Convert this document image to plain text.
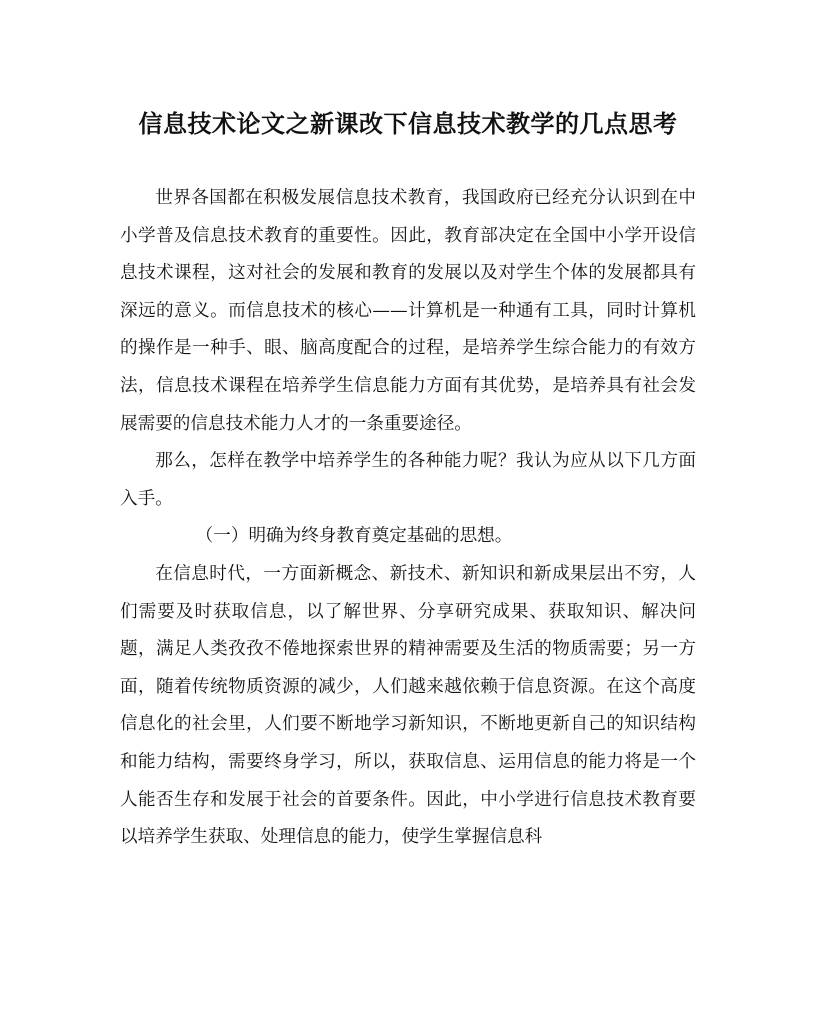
信息技术论文之新课改下信息技术教学的几点思考

世界各国都在积极发展信息技术教育，我国政府已经充分认识到在中小学普及信息技术教育的重要性。因此，教育部决定在全国中小学开设信息技术课程，这对社会的发展和教育的发展以及对学生个体的发展都具有深远的意义。而信息技术的核心——计算机是一种通有工具，同时计算机的操作是一种手、眼、脑高度配合的过程，是培养学生综合能力的有效方法，信息技术课程在培养学生信息能力方面有其优势，是培养具有社会发展需要的信息技术能力人才的一条重要途径。

那么，怎样在教学中培养学生的各种能力呢？我认为应从以下几方面入手。

（一）明确为终身教育奠定基础的思想。

在信息时代，一方面新概念、新技术、新知识和新成果层出不穷，人们需要及时获取信息，以了解世界、分享研究成果、获取知识、解决问题，满足人类孜孜不倦地探索世界的精神需要及生活的物质需要；另一方面，随着传统物质资源的减少，人们越来越依赖于信息资源。在这个高度信息化的社会里，人们要不断地学习新知识，不断地更新自己的知识结构和能力结构，需要终身学习，所以，获取信息、运用信息的能力将是一个人能否生存和发展于社会的首要条件。因此，中小学进行信息技术教育要以培养学生获取、处理信息的能力，使学生掌握信息科
